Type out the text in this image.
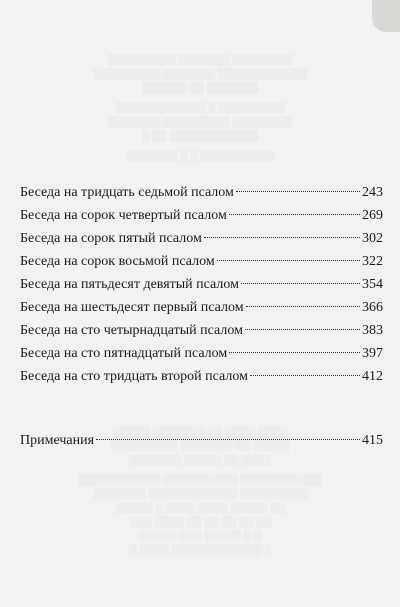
░░░░░░░░░ ░░░░░░░ ░░░░░░░░
░░░░░░░░░ ░░░░░░░ ░░░░░░░░░░░░
░░░░░░ ░░ ░░░░░░░
░░░░░░░░░░░░ ░ ░░░░░░░░░
░░░░░░░ ░░░░░░░░░ ░░░░░░░░
░ ░░ ░░░░░░░░░░░░
░░░░░░░ ░ ░ ░░░░░░░░░░
Беседа на тридцать седьмой псалом	243
Беседа на сорок четвертый псалом	269
Беседа на сорок пятый псалом	302
Беседа на сорок восьмой псалом	322
Беседа на пятьдесят девятый псалом	354
Беседа на шестьдесят первый псалом	366
Беседа на сто четырнадцатый псалом	383
Беседа на сто пятнадцатый псалом	397
Беседа на сто тридцать второй псалом	412
Примечания	415
░░░░░ ░░░░░░░ ░░ ░░░░ ░░░░
░░░░░░░░░ ░░░░░░░ ░░ ░░░░░
░░░░░░░ ░░░░░ ░░ ░░░░
░░░░░░░░░░░ ░░░░░░░░░░ ░░░░░░░░░░░
░░░░░░░ ░░░░░░░░░░░░ ░░░░░░░░░
░░░░░ ░ ░░░░ ░░░░ ░░░░░ ░░
░░░ ░░░░ ░░ ░░ ░░ ░░ ░░
░░░░░ ░░░ ░░░░░ ░ ░
░ ░░░░ ░░░░░░░░░░░░ ░
